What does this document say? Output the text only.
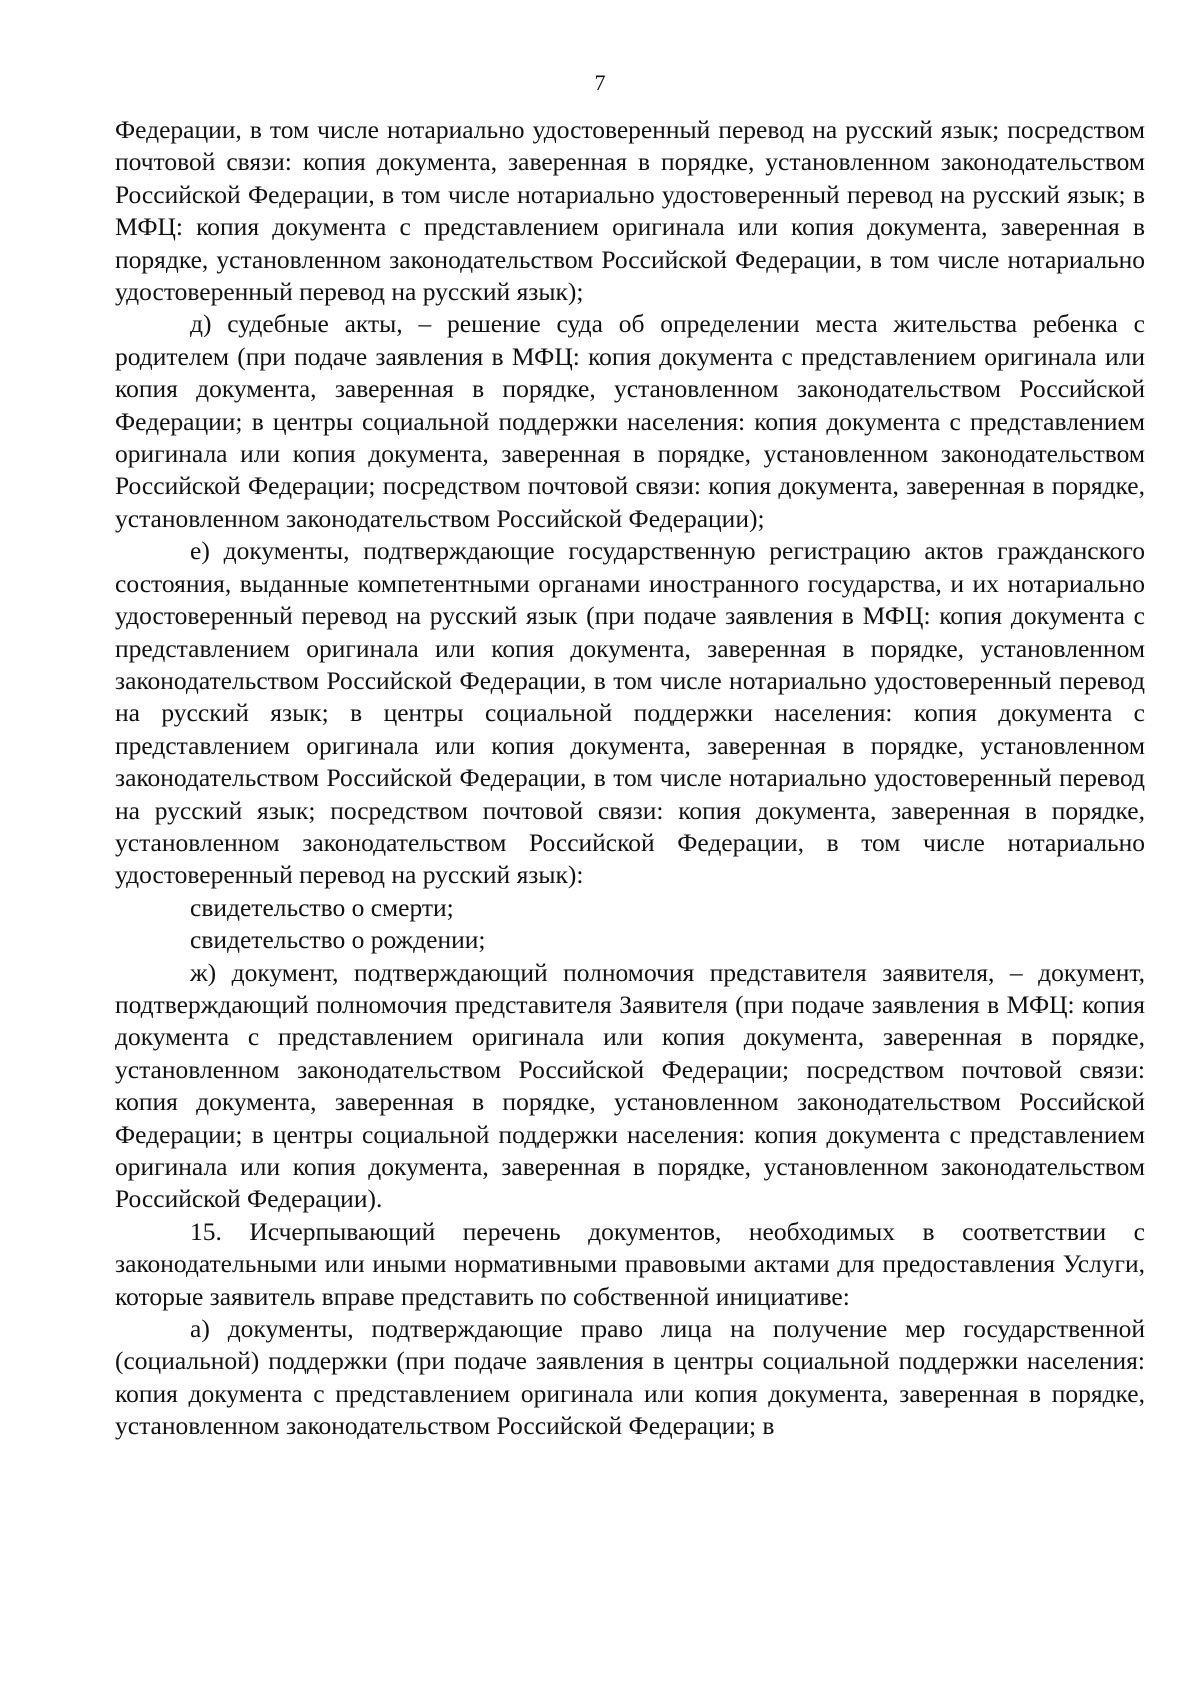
7

Федерации, в том числе нотариально удостоверенный перевод на русский язык; посредством почтовой связи: копия документа, заверенная в порядке, установленном законодательством Российской Федерации, в том числе нотариально удостоверенный перевод на русский язык; в МФЦ: копия документа с представлением оригинала или копия документа, заверенная в порядке, установленном законодательством Российской Федерации, в том числе нотариально удостоверенный перевод на русский язык);

д) судебные акты, – решение суда об определении места жительства ребенка с родителем (при подаче заявления в МФЦ: копия документа с представлением оригинала или копия документа, заверенная в порядке, установленном законодательством Российской Федерации; в центры социальной поддержки населения: копия документа с представлением оригинала или копия документа, заверенная в порядке, установленном законодательством Российской Федерации; посредством почтовой связи: копия документа, заверенная в порядке, установленном законодательством Российской Федерации);

е) документы, подтверждающие государственную регистрацию актов гражданского состояния, выданные компетентными органами иностранного государства, и их нотариально удостоверенный перевод на русский язык (при подаче заявления в МФЦ: копия документа с представлением оригинала или копия документа, заверенная в порядке, установленном законодательством Российской Федерации, в том числе нотариально удостоверенный перевод на русский язык; в центры социальной поддержки населения: копия документа с представлением оригинала или копия документа, заверенная в порядке, установленном законодательством Российской Федерации, в том числе нотариально удостоверенный перевод на русский язык; посредством почтовой связи: копия документа, заверенная в порядке, установленном законодательством Российской Федерации, в том числе нотариально удостоверенный перевод на русский язык):

свидетельство о смерти;

свидетельство о рождении;

ж) документ, подтверждающий полномочия представителя заявителя, – документ, подтверждающий полномочия представителя Заявителя (при подаче заявления в МФЦ: копия документа с представлением оригинала или копия документа, заверенная в порядке, установленном законодательством Российской Федерации; посредством почтовой связи: копия документа, заверенная в порядке, установленном законодательством Российской Федерации; в центры социальной поддержки населения: копия документа с представлением оригинала или копия документа, заверенная в порядке, установленном законодательством Российской Федерации).

15. Исчерпывающий перечень документов, необходимых в соответствии с законодательными или иными нормативными правовыми актами для предоставления Услуги, которые заявитель вправе представить по собственной инициативе:

а) документы, подтверждающие право лица на получение мер государственной (социальной) поддержки (при подаче заявления в центры социальной поддержки населения: копия документа с представлением оригинала или копия документа, заверенная в порядке, установленном законодательством Российской Федерации; в
